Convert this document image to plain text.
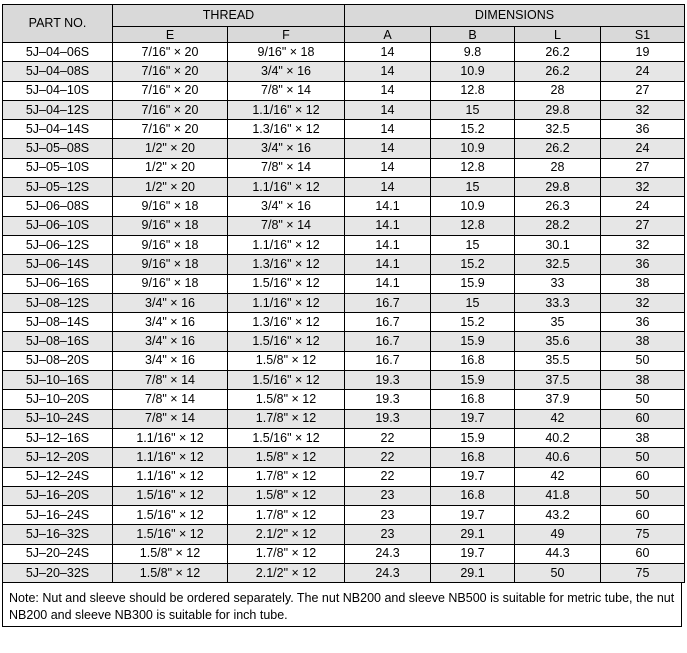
PART NO.	THREAD		DIMENSIONS			
	E	F	A	B	L	S1
5J–04–06S	7/16" × 20	9/16" × 18	14	9.8	26.2	19
5J–04–08S	7/16" × 20	3/4" × 16	14	10.9	26.2	24
5J–04–10S	7/16" × 20	7/8" × 14	14	12.8	28	27
5J–04–12S	7/16" × 20	1.1/16" × 12	14	15	29.8	32
5J–04–14S	7/16" × 20	1.3/16" × 12	14	15.2	32.5	36
5J–05–08S	1/2" × 20	3/4" × 16	14	10.9	26.2	24
5J–05–10S	1/2" × 20	7/8" × 14	14	12.8	28	27
5J–05–12S	1/2" × 20	1.1/16" × 12	14	15	29.8	32
5J–06–08S	9/16" × 18	3/4" × 16	14.1	10.9	26.3	24
5J–06–10S	9/16" × 18	7/8" × 14	14.1	12.8	28.2	27
5J–06–12S	9/16" × 18	1.1/16" × 12	14.1	15	30.1	32
5J–06–14S	9/16" × 18	1.3/16" × 12	14.1	15.2	32.5	36
5J–06–16S	9/16" × 18	1.5/16" × 12	14.1	15.9	33	38
5J–08–12S	3/4" × 16	1.1/16" × 12	16.7	15	33.3	32
5J–08–14S	3/4" × 16	1.3/16" × 12	16.7	15.2	35	36
5J–08–16S	3/4" × 16	1.5/16" × 12	16.7	15.9	35.6	38
5J–08–20S	3/4" × 16	1.5/8" × 12	16.7	16.8	35.5	50
5J–10–16S	7/8" × 14	1.5/16" × 12	19.3	15.9	37.5	38
5J–10–20S	7/8" × 14	1.5/8" × 12	19.3	16.8	37.9	50
5J–10–24S	7/8" × 14	1.7/8" × 12	19.3	19.7	42	60
5J–12–16S	1.1/16" × 12	1.5/16" × 12	22	15.9	40.2	38
5J–12–20S	1.1/16" × 12	1.5/8" × 12	22	16.8	40.6	50
5J–12–24S	1.1/16" × 12	1.7/8" × 12	22	19.7	42	60
5J–16–20S	1.5/16" × 12	1.5/8" × 12	23	16.8	41.8	50
5J–16–24S	1.5/16" × 12	1.7/8" × 12	23	19.7	43.2	60
5J–16–32S	1.5/16" × 12	2.1/2" × 12	23	29.1	49	75
5J–20–24S	1.5/8" × 12	1.7/8" × 12	24.3	19.7	44.3	60
5J–20–32S	1.5/8" × 12	2.1/2" × 12	24.3	29.1	50	75
Note: Nut and sleeve should be ordered separately. The nut NB200 and sleeve NB500 is suitable for metric tube, the nut NB200 and sleeve NB300 is suitable for inch tube.
